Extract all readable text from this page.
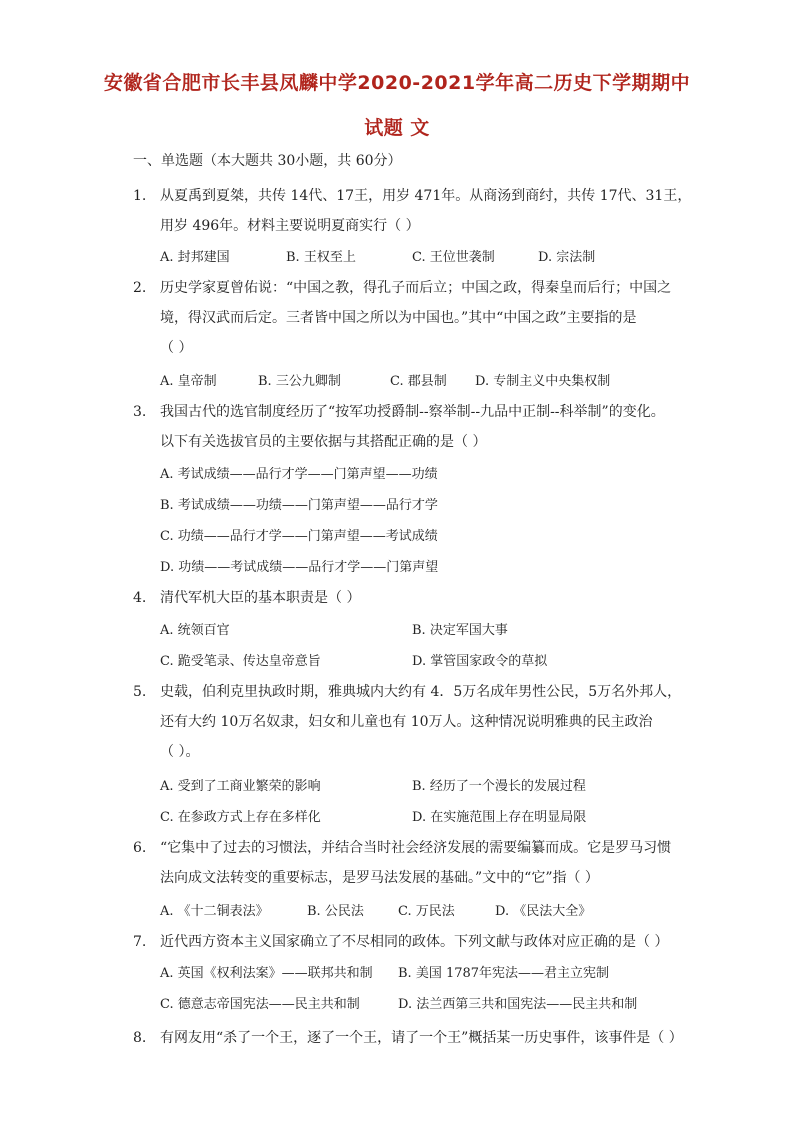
安徽省合肥市长丰县凤麟中学2020-2021学年高二历史下学期期中
试题 文
一、单选题（本大题共 30小题，共 60分）
1. 从夏禹到夏桀，共传 14代、17王，用岁 471年。从商汤到商纣，共传 17代、31王，
用岁 496年。材料主要说明夏商实行（ ）
A. 封邦建国	B. 王权至上	C. 王位世袭制	D. 宗法制
2. 历史学家夏曾佑说：“中国之教，得孔子而后立；中国之政，得秦皇而后行；中国之
境，得汉武而后定。三者皆中国之所以为中国也。”其中“中国之政”主要指的是
（ ）
A. 皇帝制	B. 三公九卿制	C. 郡县制 D. 专制主义中央集权制
3. 我国古代的选官制度经历了“按军功授爵制--察举制--九品中正制--科举制”的变化。
以下有关选拔官员的主要依据与其搭配正确的是（ ）
A. 考试成绩——品行才学——门第声望——功绩
B. 考试成绩——功绩——门第声望——品行才学
C. 功绩——品行才学——门第声望——考试成绩
D. 功绩——考试成绩——品行才学——门第声望
4. 清代军机大臣的基本职责是（ ）
A. 统领百官	B. 决定军国大事
C. 跪受笔录、传达皇帝意旨	D. 掌管国家政令的草拟
5. 史载，伯利克里执政时期，雅典城内大约有 4．5万名成年男性公民，5万名外邦人，
还有大约 10万名奴隶，妇女和儿童也有 10万人。这种情况说明雅典的民主政治
（ ）。
A. 受到了工商业繁荣的影响	B. 经历了一个漫长的发展过程
C. 在参政方式上存在多样化	D. 在实施范围上存在明显局限
6. “它集中了过去的习惯法，并结合当时社会经济发展的需要编纂而成。它是罗马习惯
法向成文法转变的重要标志，是罗马法发展的基础。”文中的“它”指（ ）
A. 《十二铜表法》	B. 公民法	C. 万民法	D. 《民法大全》
7. 近代西方资本主义国家确立了不尽相同的政体。下列文献与政体对应正确的是（ ）
A. 英国《权利法案》——联邦共和制 B. 美国 1787年宪法——君主立宪制
C. 德意志帝国宪法——民主共和制	D. 法兰西第三共和国宪法——民主共和制
8. 有网友用“杀了一个王，逐了一个王，请了一个王”概括某一历史事件，该事件是（ ）
